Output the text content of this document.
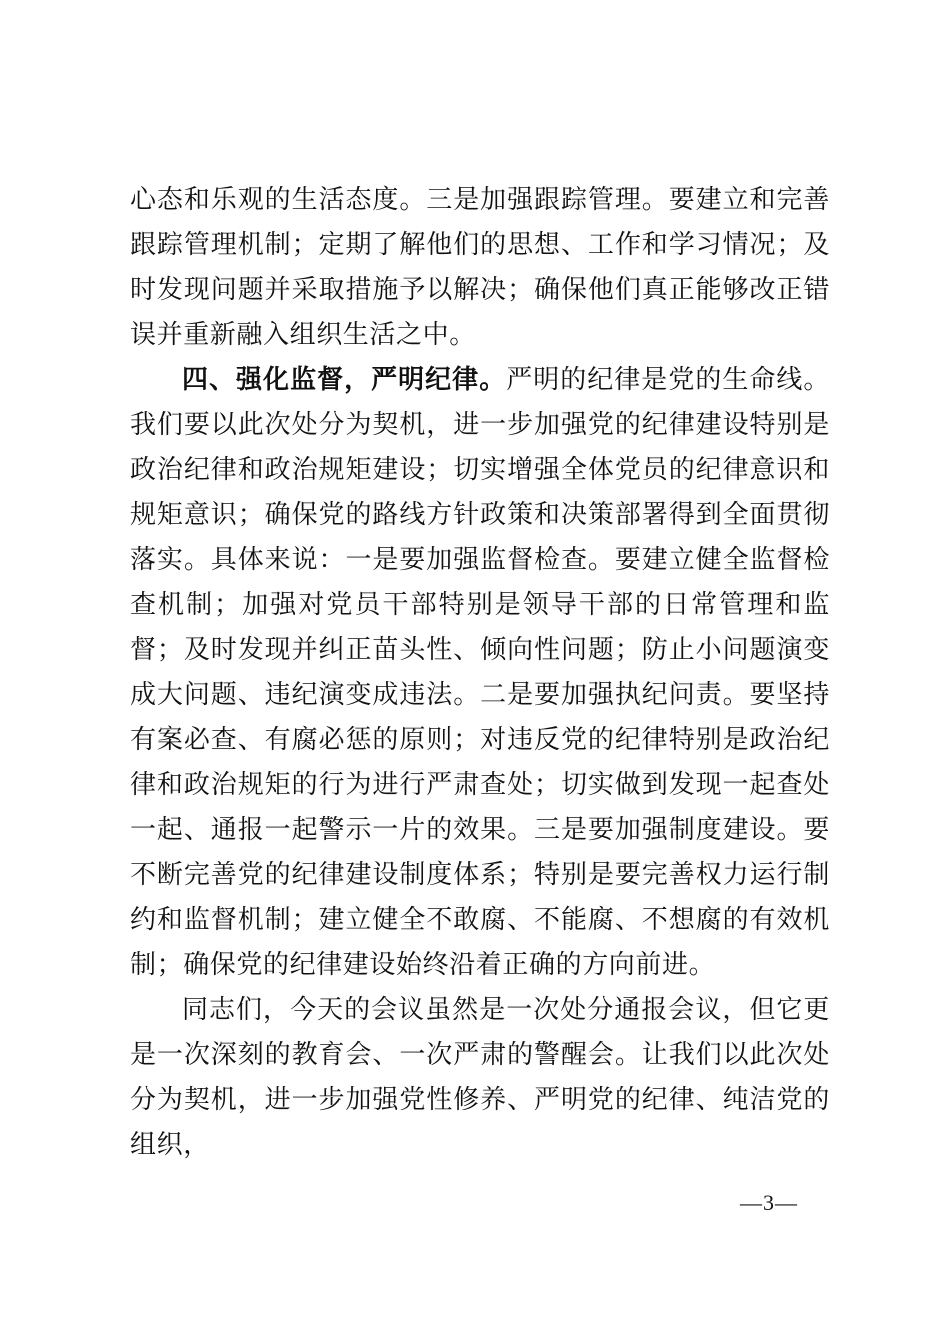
心态和乐观的生活态度。三是加强跟踪管理。要建立和完善跟踪管理机制；定期了解他们的思想、工作和学习情况；及时发现问题并采取措施予以解决；确保他们真正能够改正错误并重新融入组织生活之中。

四、强化监督，严明纪律。严明的纪律是党的生命线。我们要以此次处分为契机，进一步加强党的纪律建设特别是政治纪律和政治规矩建设；切实增强全体党员的纪律意识和规矩意识；确保党的路线方针政策和决策部署得到全面贯彻落实。具体来说：一是要加强监督检查。要建立健全监督检查机制；加强对党员干部特别是领导干部的日常管理和监督；及时发现并纠正苗头性、倾向性问题；防止小问题演变成大问题、违纪演变成违法。二是要加强执纪问责。要坚持有案必查、有腐必惩的原则；对违反党的纪律特别是政治纪律和政治规矩的行为进行严肃查处；切实做到发现一起查处一起、通报一起警示一片的效果。三是要加强制度建设。要不断完善党的纪律建设制度体系；特别是要完善权力运行制约和监督机制；建立健全不敢腐、不能腐、不想腐的有效机制；确保党的纪律建设始终沿着正确的方向前进。

同志们，今天的会议虽然是一次处分通报会议，但它更是一次深刻的教育会、一次严肃的警醒会。让我们以此次处分为契机，进一步加强党性修养、严明党的纪律、纯洁党的组织，

—3—
